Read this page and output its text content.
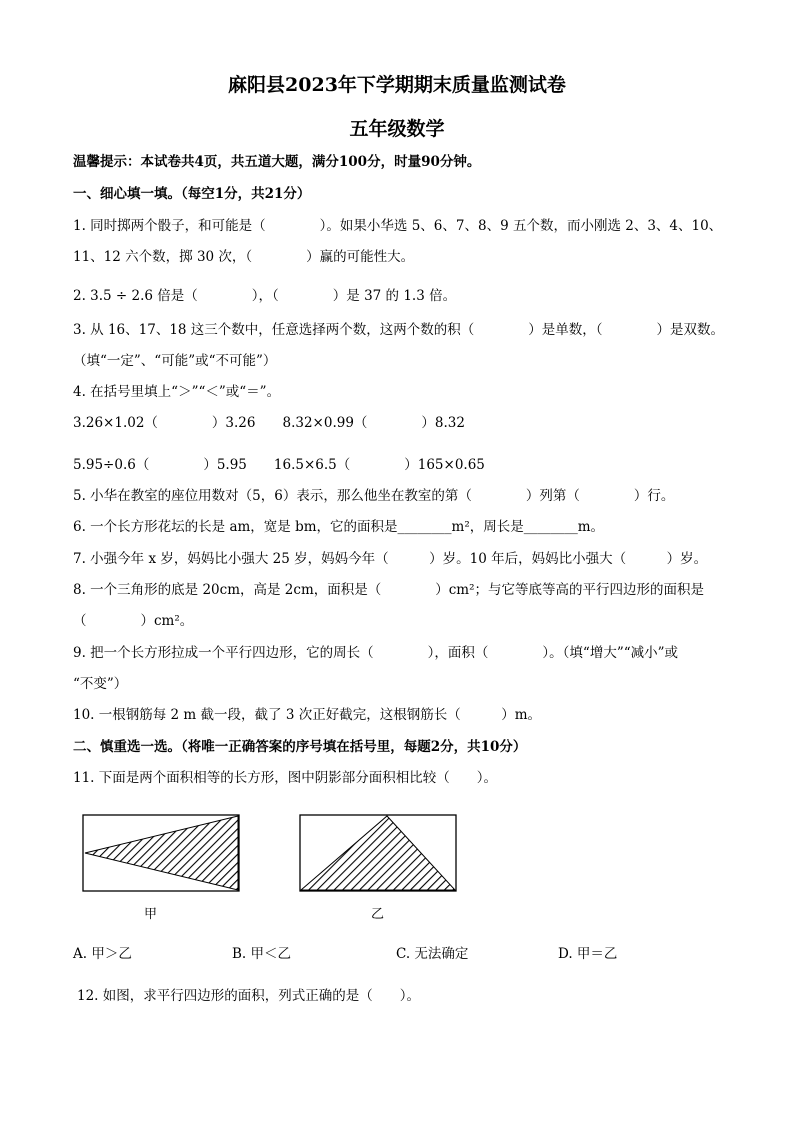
麻阳县2023年下学期期末质量监测试卷
五年级数学
温馨提示：本试卷共4页，共五道大题，满分100分，时量90分钟。
一、细心填一填。（每空1分，共21分）
1. 同时掷两个骰子，和可能是（　　　　）。如果小华选 5、6、7、8、9 五个数，而小刚选 2、3、4、10、
11、12 六个数，掷 30 次，（　　　　）赢的可能性大。
2. 3.5 ÷ 2.6 倍是（　　　　），（　　　　）是 37 的 1.3 倍。
3. 从 16、17、18 这三个数中，任意选择两个数，这两个数的积（　　　　）是单数，（　　　　）是双数。
（填“一定”、“可能”或“不可能”）
4. 在括号里填上“＞”“＜”或“＝”。
3.26×1.02（　　　　）3.26　　8.32×0.99（　　　　）8.32
5.95÷0.6（　　　　）5.95　　16.5×6.5（　　　　）165×0.65
5. 小华在教室的座位用数对（5，6）表示，那么他坐在教室的第（　　　　）列第（　　　　）行。
6. 一个长方形花坛的长是 am，宽是 bm，它的面积是________m²，周长是________m。
7. 小强今年 x 岁，妈妈比小强大 25 岁，妈妈今年（　　　）岁。10 年后，妈妈比小强大（　　　）岁。
8. 一个三角形的底是 20cm，高是 2cm，面积是（　　　　）cm²；与它等底等高的平行四边形的面积是
（　　　　）cm²。
9. 把一个长方形拉成一个平行四边形，它的周长（　　　　），面积（　　　　）。（填“增大”“减小”或
“不变”）
10. 一根钢筋每 2 m 截一段，截了 3 次正好截完，这根钢筋长（　　　）m。
二、慎重选一选。（将唯一正确答案的序号填在括号里，每题2分，共10分）
11. 下面是两个面积相等的长方形，图中阴影部分面积相比较（　　）。
甲	乙
A. 甲＞乙	B. 甲＜乙	C. 无法确定	D. 甲＝乙
12. 如图，求平行四边形的面积，列式正确的是（　　）。
